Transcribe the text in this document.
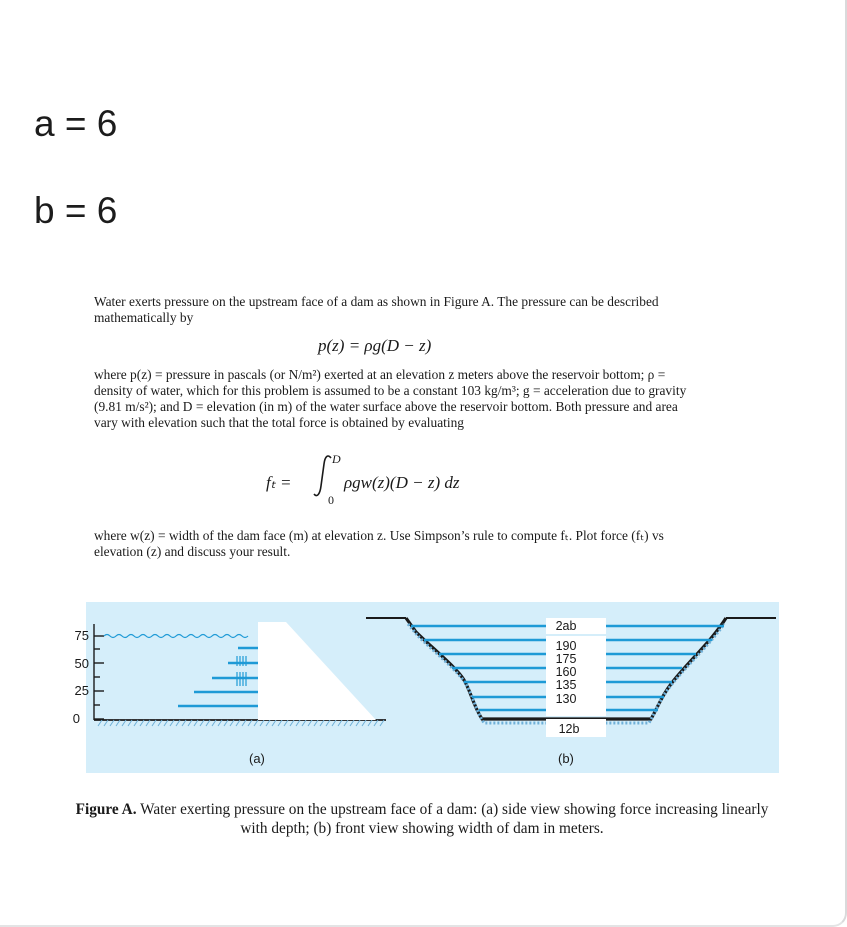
a = 6
b = 6
Water exerts pressure on the upstream face of a dam as shown in Figure A. The pressure can be described mathematically by
p(z) = ρg(D − z)
where p(z) = pressure in pascals (or N/m²) exerted at an elevation z meters above the reservoir bottom; ρ = density of water, which for this problem is assumed to be a constant 103 kg/m³; g = acceleration due to gravity (9.81 m/s²); and D = elevation (in m) of the water surface above the reservoir bottom. Both pressure and area vary with elevation such that the total force is obtained by evaluating
fₜ =
D
0
ρgw(z)(D − z) dz
where w(z) = width of the dam face (m) at elevation z. Use Simpson’s rule to compute fₜ. Plot force (fₜ) vs elevation (z) and discuss your result.
75
50
25
0
(a)
2ab
190
175
160
135
130
12b
(b)
Figure A. Water exerting pressure on the upstream face of a dam: (a) side view showing force increasing linearly with depth; (b) front view showing width of dam in meters.
